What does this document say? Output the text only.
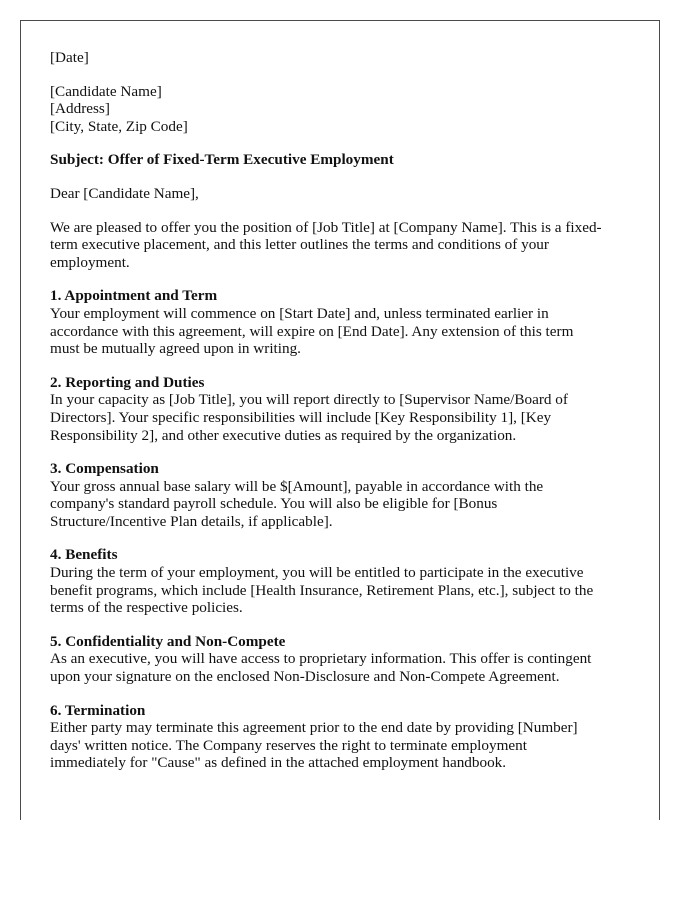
[Date]
[Candidate Name]
[Address]
[City, State, Zip Code]
Subject: Offer of Fixed-Term Executive Employment
Dear [Candidate Name],
We are pleased to offer you the position of [Job Title] at [Company Name]. This is a fixed-
term executive placement, and this letter outlines the terms and conditions of your
employment.
1. Appointment and Term
Your employment will commence on [Start Date] and, unless terminated earlier in
accordance with this agreement, will expire on [End Date]. Any extension of this term
must be mutually agreed upon in writing.
2. Reporting and Duties
In your capacity as [Job Title], you will report directly to [Supervisor Name/Board of
Directors]. Your specific responsibilities will include [Key Responsibility 1], [Key
Responsibility 2], and other executive duties as required by the organization.
3. Compensation
Your gross annual base salary will be $[Amount], payable in accordance with the
company's standard payroll schedule. You will also be eligible for [Bonus
Structure/Incentive Plan details, if applicable].
4. Benefits
During the term of your employment, you will be entitled to participate in the executive
benefit programs, which include [Health Insurance, Retirement Plans, etc.], subject to the
terms of the respective policies.
5. Confidentiality and Non-Compete
As an executive, you will have access to proprietary information. This offer is contingent
upon your signature on the enclosed Non-Disclosure and Non-Compete Agreement.
6. Termination
Either party may terminate this agreement prior to the end date by providing [Number]
days' written notice. The Company reserves the right to terminate employment
immediately for "Cause" as defined in the attached employment handbook.
